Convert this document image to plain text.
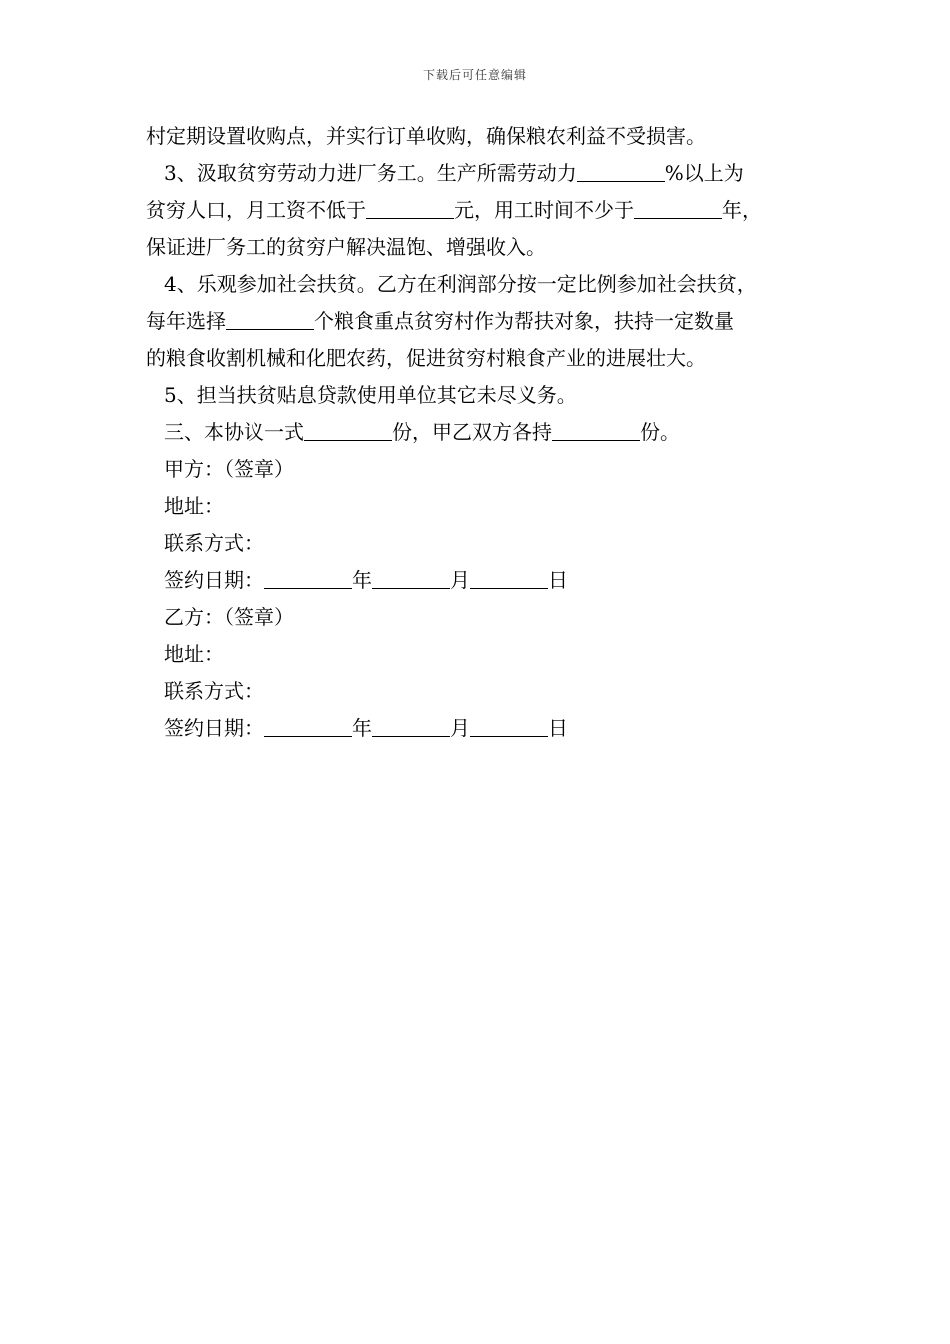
下载后可任意编辑
村定期设置收购点，并实行订单收购，确保粮农利益不受损害。
3、汲取贫穷劳动力进厂务工。生产所需劳动力	%以上为
贫穷人口，月工资不低于	元，用工时间不少于	年，
保证进厂务工的贫穷户解决温饱、增强收入。
4、乐观参加社会扶贫。乙方在利润部分按一定比例参加社会扶贫，
每年选择	个粮食重点贫穷村作为帮扶对象，扶持一定数量
的粮食收割机械和化肥农药，促进贫穷村粮食产业的进展壮大。
5、担当扶贫贴息贷款使用单位其它未尽义务。
三、本协议一式	份，甲乙双方各持	份。
甲方：（签章）
地址：
联系方式：
签约日期：	年	月	日
乙方：（签章）
地址：
联系方式：
签约日期：	年	月	日
